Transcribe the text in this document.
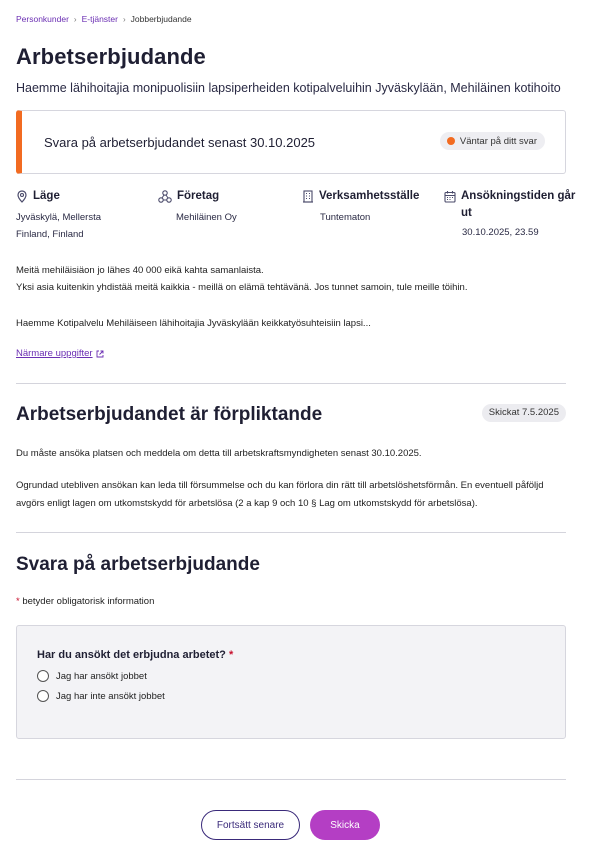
Personkunder › E-tjänster › Jobberbjudande
Arbetserbjudande
Haemme lähihoitajia monipuolisiin lapsiperheiden kotipalveluihin Jyväskylään, Mehiläinen kotihoito
Svara på arbetserbjudandet senast 30.10.2025	Väntar på ditt svar
Läge
Jyväskylä, Mellersta
Finland, Finland
Företag
Mehiläinen Oy
Verksamhetsställe
Tuntematon
Ansökningstiden går
ut
30.10.2025, 23.59

Meitä mehiläisiäon jo lähes 40 000 eikä kahta samanlaista.

Yksi asia kuitenkin yhdistää meitä kaikkia - meillä on elämä tehtävänä. Jos tunnet samoin, tule meille töihin.

Haemme Kotipalvelu Mehiläiseen lähihoitajia Jyväskylään keikkatyösuhteisiin lapsi...

Närmare uppgifter
Arbetserbjudandet är förpliktande	Skickat 7.5.2025
Du måste ansöka platsen och meddela om detta till arbetskraftsmyndigheten senast 30.10.2025.
Ogrundad utebliven ansökan kan leda till försummelse och du kan förlora din rätt till arbetslöshetsförmån. En eventuell påföljd
avgörs enligt lagen om utkomstskydd för arbetslösa (2 a kap 9 och 10 § Lag om utkomstskydd för arbetslösa).
Svara på arbetserbjudande
* betyder obligatorisk information
Har du ansökt det erbjudna arbetet? *
Jag har ansökt jobbet
Jag har inte ansökt jobbet
Fortsätt senare	Skicka
